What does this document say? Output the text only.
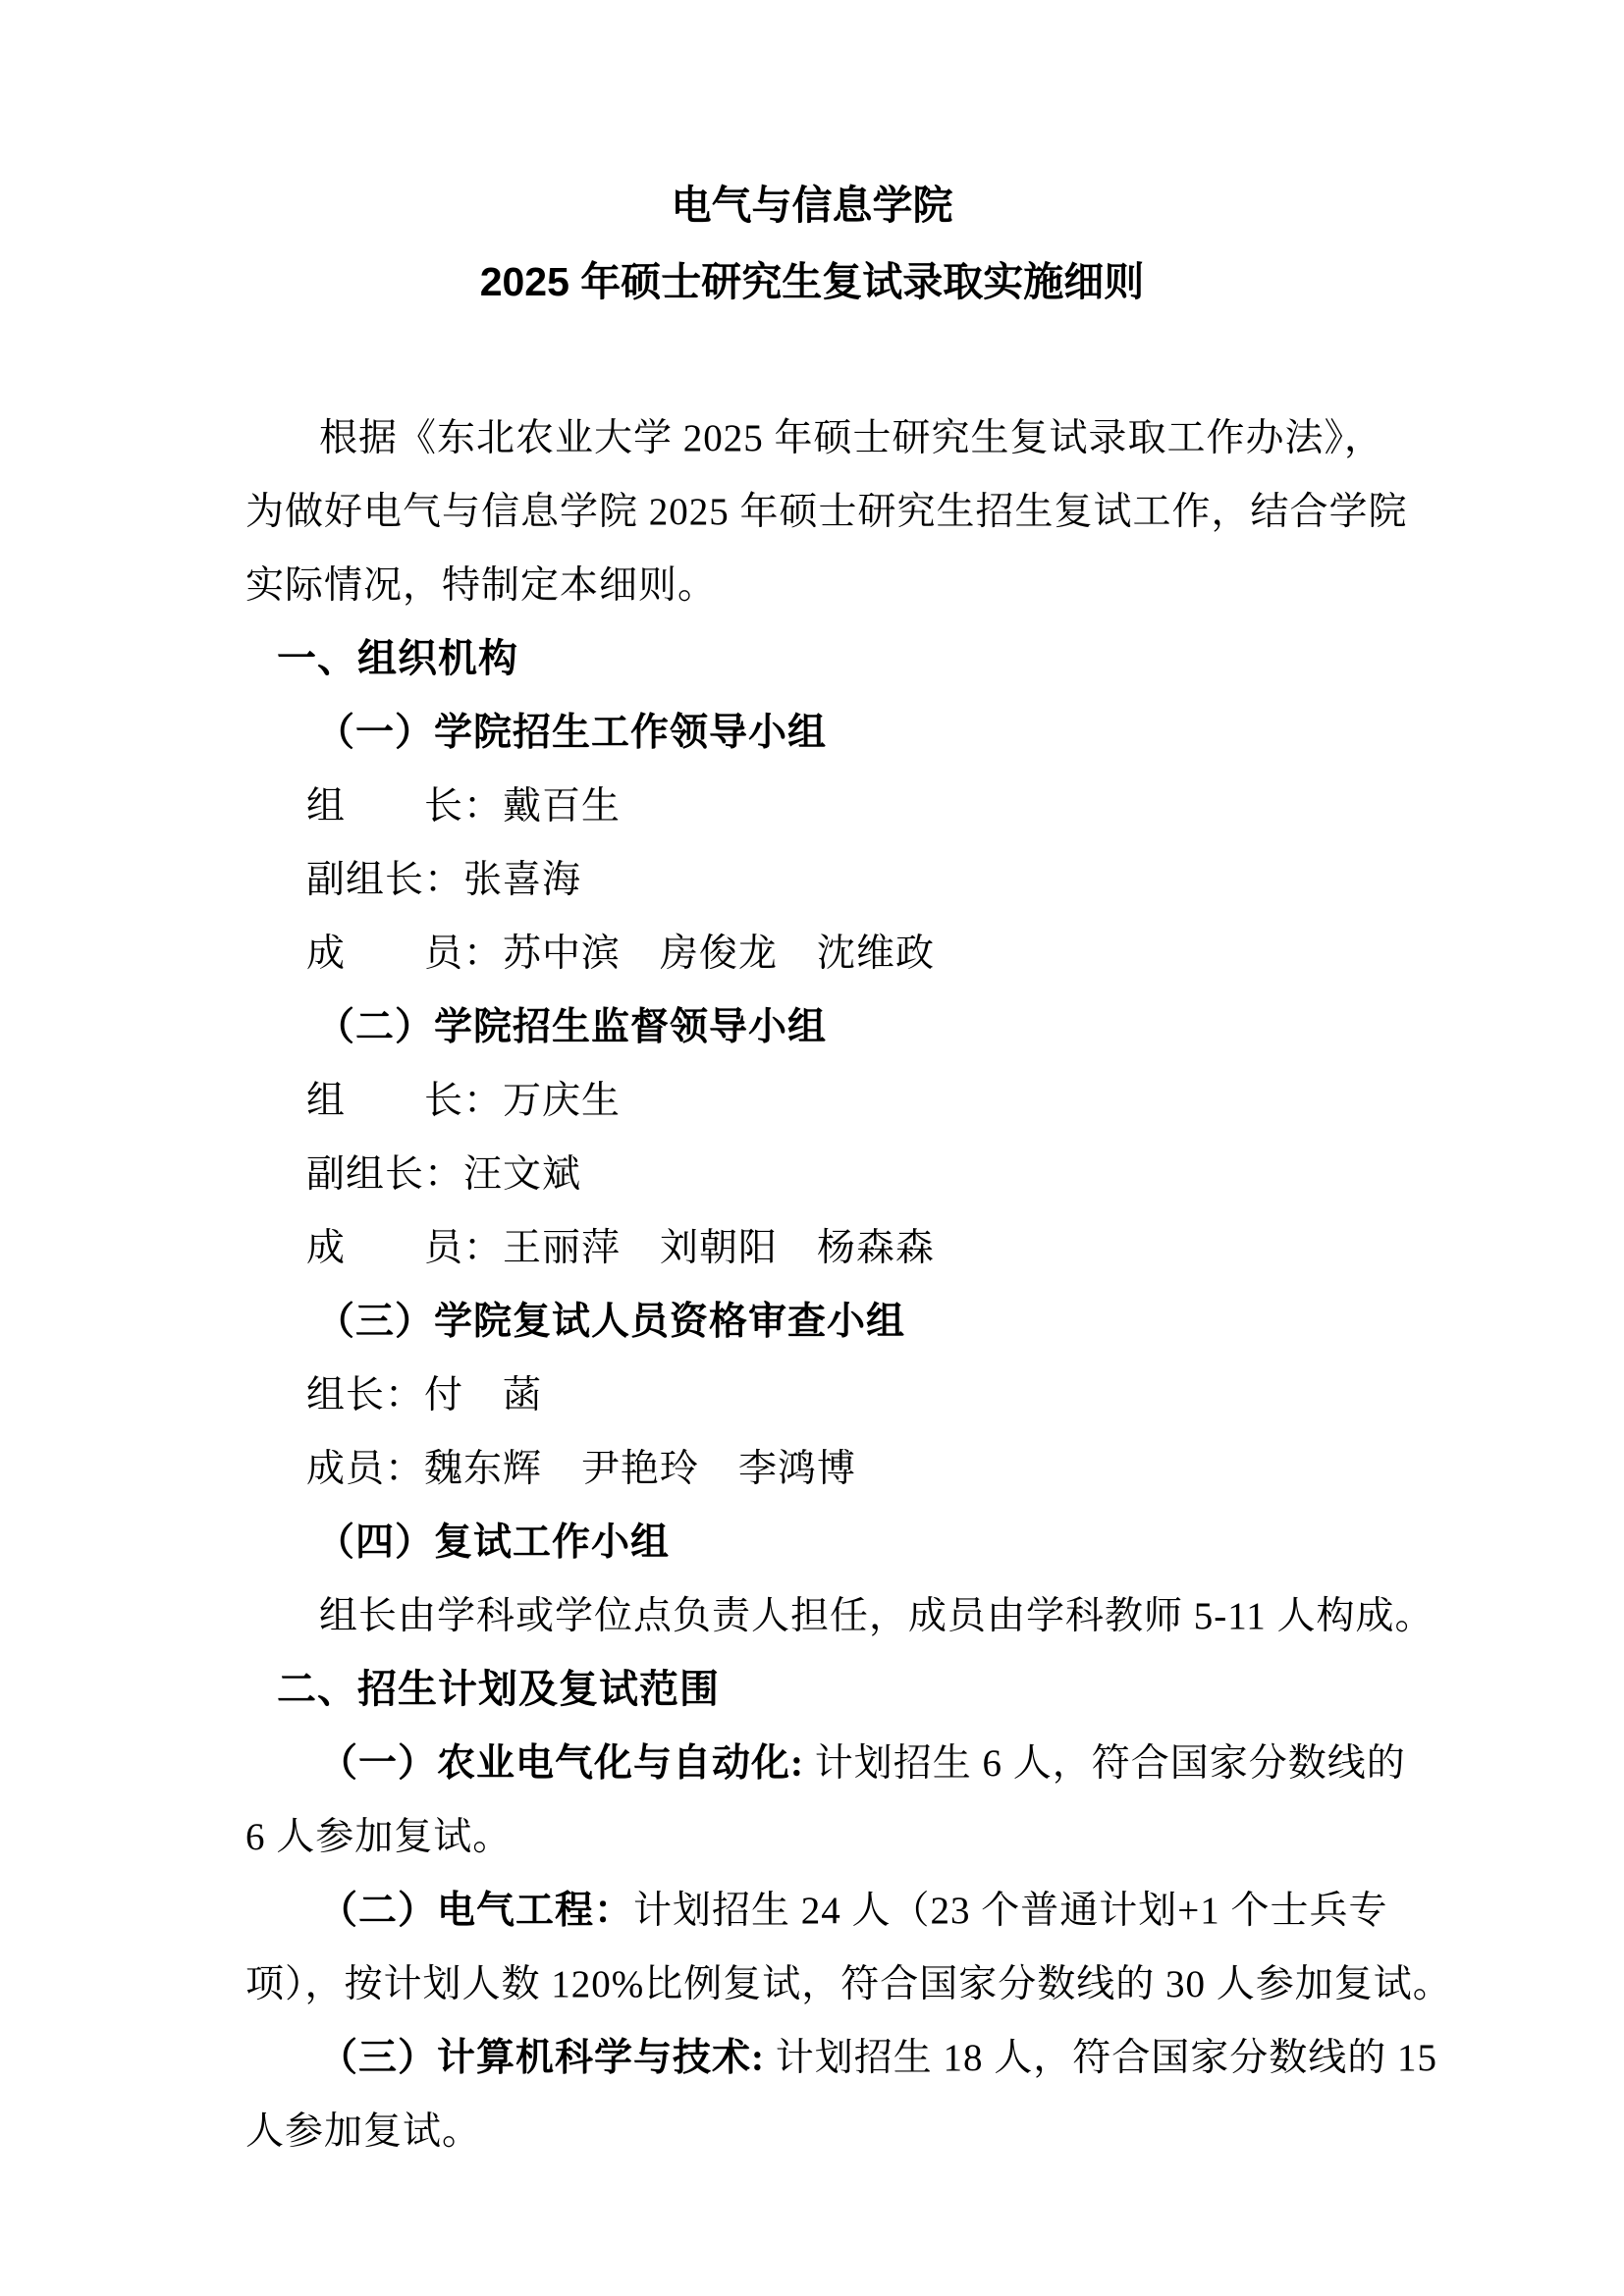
电气与信息学院
2025 年硕士研究生复试录取实施细则
根据《东北农业大学 2025 年硕士研究生复试录取工作办法》，
为做好电气与信息学院 2025 年硕士研究生招生复试工作，结合学院
实际情况，特制定本细则。
一、组织机构
（一）学院招生工作领导小组
组　　长：戴百生
副组长：张喜海
成　　员：苏中滨　房俊龙　沈维政
（二）学院招生监督领导小组
组　　长：万庆生
副组长：汪文斌
成　　员：王丽萍　刘朝阳　杨森森
（三）学院复试人员资格审查小组
组长：付　菡
成员：魏东辉　尹艳玲　李鸿博
（四）复试工作小组
组长由学科或学位点负责人担任，成员由学科教师 5-11 人构成。
二、招生计划及复试范围
（一）农业电气化与自动化: 计划招生 6 人，符合国家分数线的
6 人参加复试。
（二）电气工程：计划招生 24 人（23 个普通计划+1 个士兵专
项），按计划人数 120%比例复试，符合国家分数线的 30 人参加复试。
（三）计算机科学与技术: 计划招生 18 人，符合国家分数线的 15
人参加复试。
